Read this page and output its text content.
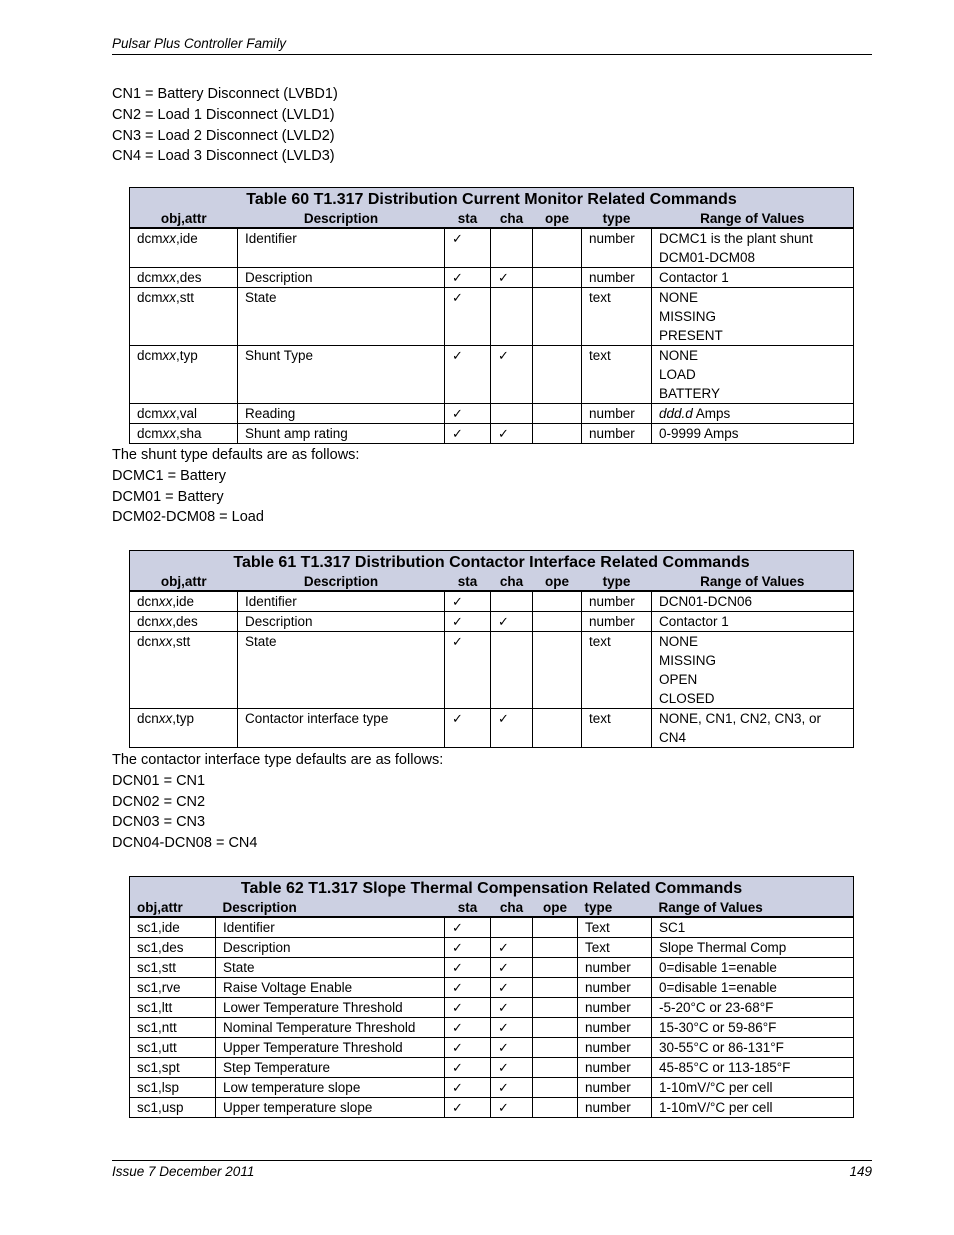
Pulsar Plus Controller Family
CN1 = Battery Disconnect (LVBD1)
CN2 = Load 1 Disconnect (LVLD1)
CN3 = Load 2 Disconnect (LVLD2)
CN4 = Load 3 Disconnect (LVLD3)
Table 60 T1.317 Distribution Current Monitor Related Commands						
obj,attr	Description	sta	cha	ope	type	Range of Values
dcmxx,ide	Identifier	✓			number	DCMC1 is the plant shunt
DCM01-DCM08

dcmxx,des	Description	✓	✓		number	Contactor 1

dcmxx,stt	State	✓			text	NONE
MISSING
PRESENT

dcmxx,typ	Shunt Type	✓	✓		text	NONE
LOAD
BATTERY

dcmxx,val	Reading	✓			number	ddd.d Amps
dcmxx,sha	Shunt amp rating	✓	✓		number	0-9999 Amps
The shunt type defaults are as follows:
DCMC1 = Battery
DCM01 = Battery
DCM02-DCM08 = Load
Table 61 T1.317 Distribution Contactor Interface Related Commands						
obj,attr	Description	sta	cha	ope	type	Range of Values
dcnxx,ide	Identifier	✓			number	DCN01-DCN06

dcnxx,des	Description	✓	✓		number	Contactor 1

dcnxx,stt	State	✓			text	NONE
MISSING
OPEN
CLOSED

dcnxx,typ	Contactor interface type	✓	✓		text	NONE, CN1, CN2, CN3, or
CN4
The contactor interface type defaults are as follows:
DCN01 = CN1
DCN02 = CN2
DCN03 = CN3
DCN04-DCN08 = CN4
Table 62 T1.317 Slope Thermal Compensation Related Commands						
obj,attr	Description	sta	cha	ope	type	Range of Values
sc1,ide	Identifier	✓			Text	SC1
sc1,des	Description	✓	✓		Text	Slope Thermal Comp
sc1,stt	State	✓	✓		number	0=disable 1=enable
sc1,rve	Raise Voltage Enable	✓	✓		number	0=disable 1=enable
sc1,ltt	Lower Temperature Threshold	✓	✓		number	-5-20°C or 23-68°F
sc1,ntt	Nominal Temperature Threshold	✓	✓		number	15-30°C or 59-86°F
sc1,utt	Upper Temperature Threshold	✓	✓		number	30-55°C or 86-131°F
sc1,spt	Step Temperature	✓	✓		number	45-85°C or 113-185°F
sc1,lsp	Low temperature slope	✓	✓		number	1-10mV/°C per cell
sc1,usp	Upper temperature slope	✓	✓		number	1-10mV/°C per cell
Issue 7 December 2011	149
